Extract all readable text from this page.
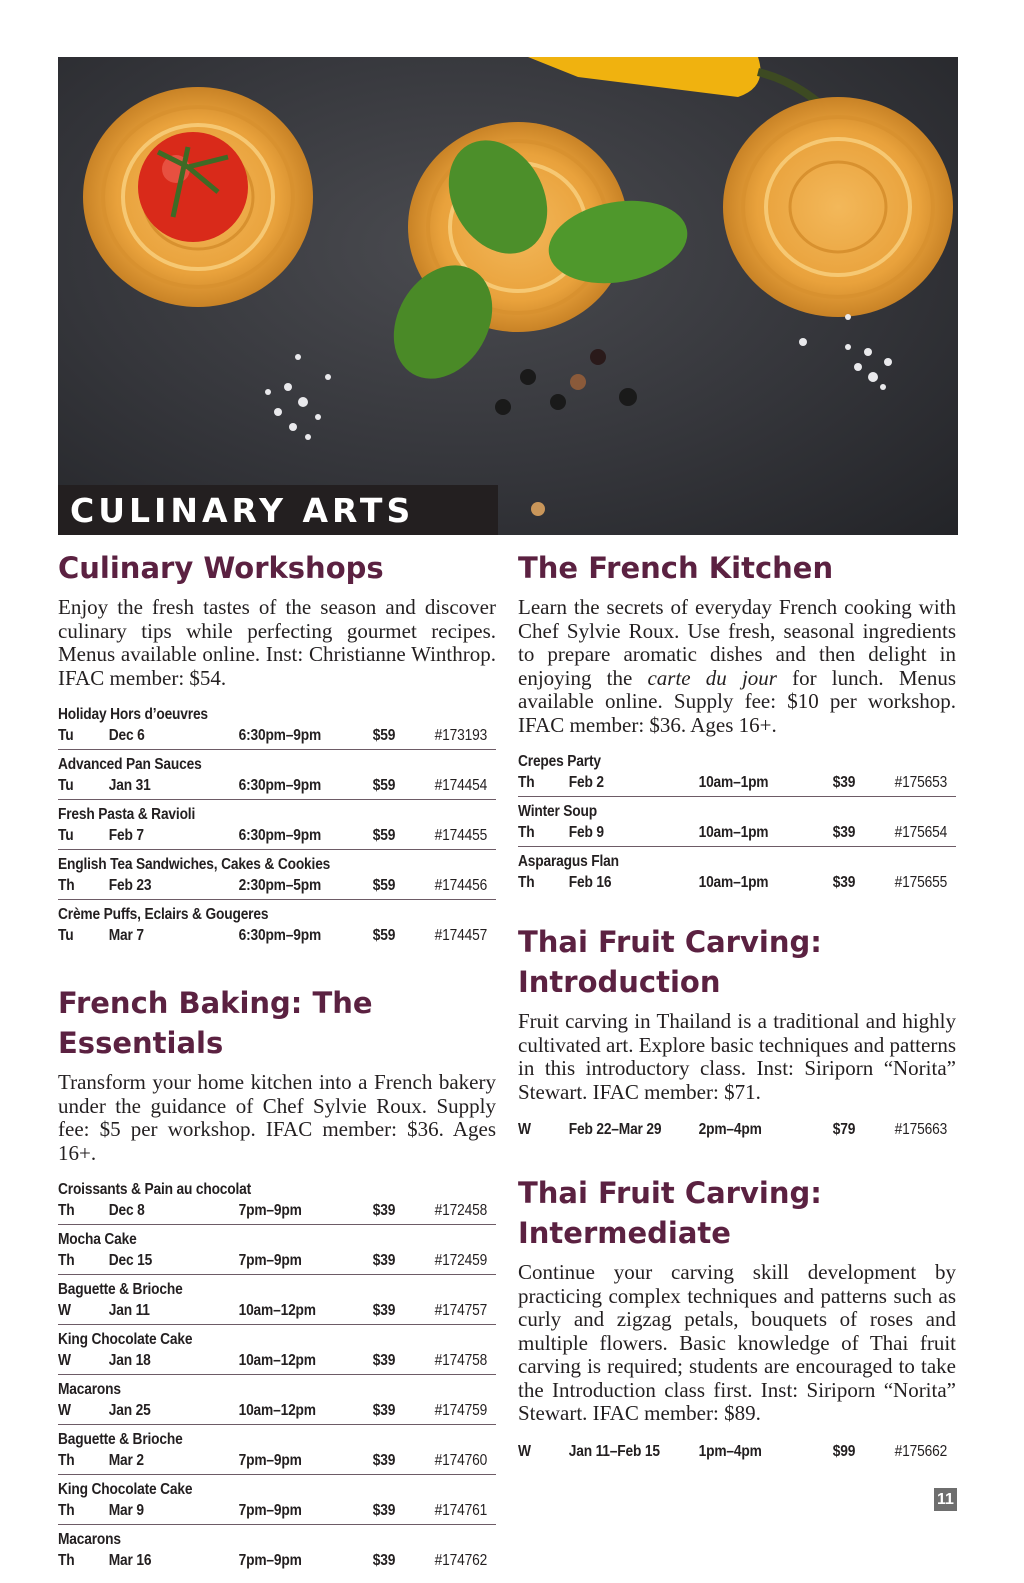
CULINARY ARTS
Culinary Workshops

Enjoy the fresh tastes of the season and discover culinary tips while perfecting gourmet recipes. Menus available online. Inst: Christianne Winthrop. IFAC member: $54.

Holiday Hors d’oeuvres
Tu Dec 6	6:30pm–9pm	$59 #173193
Advanced Pan Sauces
Tu Jan 31	6:30pm–9pm	$59 #174454
Fresh Pasta & Ravioli
Tu Feb 7	6:30pm–9pm	$59 #174455
English Tea Sandwiches, Cakes & Cookies
Th Feb 23	2:30pm–5pm	$59 #174456
Crème Puffs, Eclairs & Gougeres
Tu Mar 7	6:30pm–9pm	$59 #174457
French Baking: The Essentials

Transform your home kitchen into a French bakery under the guidance of Chef Sylvie Roux. Supply fee: $5 per workshop. IFAC member: $36. Ages 16+.

Croissants & Pain au chocolat
Th Dec 8	7pm–9pm	$39 #172458
Mocha Cake
Th Dec 15	7pm–9pm	$39 #172459
Baguette & Brioche
W Jan 11	10am–12pm	$39 #174757
King Chocolate Cake
W Jan 18	10am–12pm	$39 #174758
Macarons
W Jan 25	10am–12pm	$39 #174759
Baguette & Brioche
Th Mar 2	7pm–9pm	$39 #174760
King Chocolate Cake
Th Mar 9	7pm–9pm	$39 #174761
Macarons
Th Mar 16	7pm–9pm	$39 #174762
The French Kitchen

Learn the secrets of everyday French cooking with Chef Sylvie Roux. Use fresh, seasonal ingredients to prepare aromatic dishes and then delight in enjoying the carte du jour for lunch. Menus available online. Supply fee: $10 per workshop. IFAC member: $36. Ages 16+.

Crepes Party
Th Feb 2	10am–1pm	$39 #175653
Winter Soup
Th Feb 9	10am–1pm	$39 #175654
Asparagus Flan
Th Feb 16	10am–1pm	$39 #175655
Thai Fruit Carving:
Introduction

Fruit carving in Thailand is a traditional and highly cultivated art. Explore basic techniques and patterns in this introductory class. Inst: Siriporn “Norita” Stewart. IFAC member: $71.

W Feb 22–Mar 29 2pm–4pm	$79 #175663
Thai Fruit Carving:
Intermediate

Continue your carving skill development by practicing complex techniques and patterns such as curly and zigzag petals, bouquets of roses and multiple flowers. Basic knowledge of Thai fruit carving is required; students are encouraged to take the Introduction class first. Inst: Siriporn “Norita” Stewart. IFAC member: $89.

W Jan 11–Feb 15 1pm–4pm	$99 #175662
11
